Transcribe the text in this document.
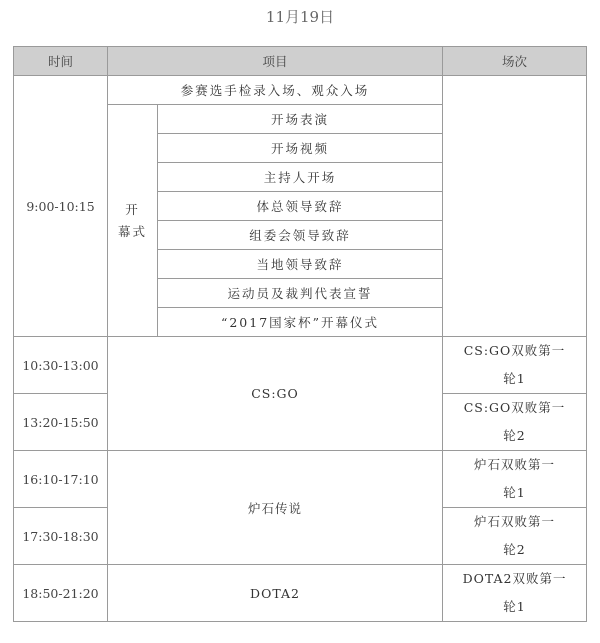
11月19日
时间	项目		场次
9:00-10:15	参赛选手检录入场、观众入场		

	开
幕式	开场表演	
		开场视频	
		主持人开场	
		体总领导致辞	
		组委会领导致辞	
		当地领导致辞	
		运动员及裁判代表宣誓	
		“2017国家杯”开幕仪式	
10:30-13:00	CS:GO		CS:GO双败第一
轮1

13:20-15:50			CS:GO双败第一
轮2

16:10-17:10	炉石传说		炉石双败第一
轮1

17:30-18:30			炉石双败第一
轮2

18:50-21:20	DOTA2		DOTA2双败第一
轮1
